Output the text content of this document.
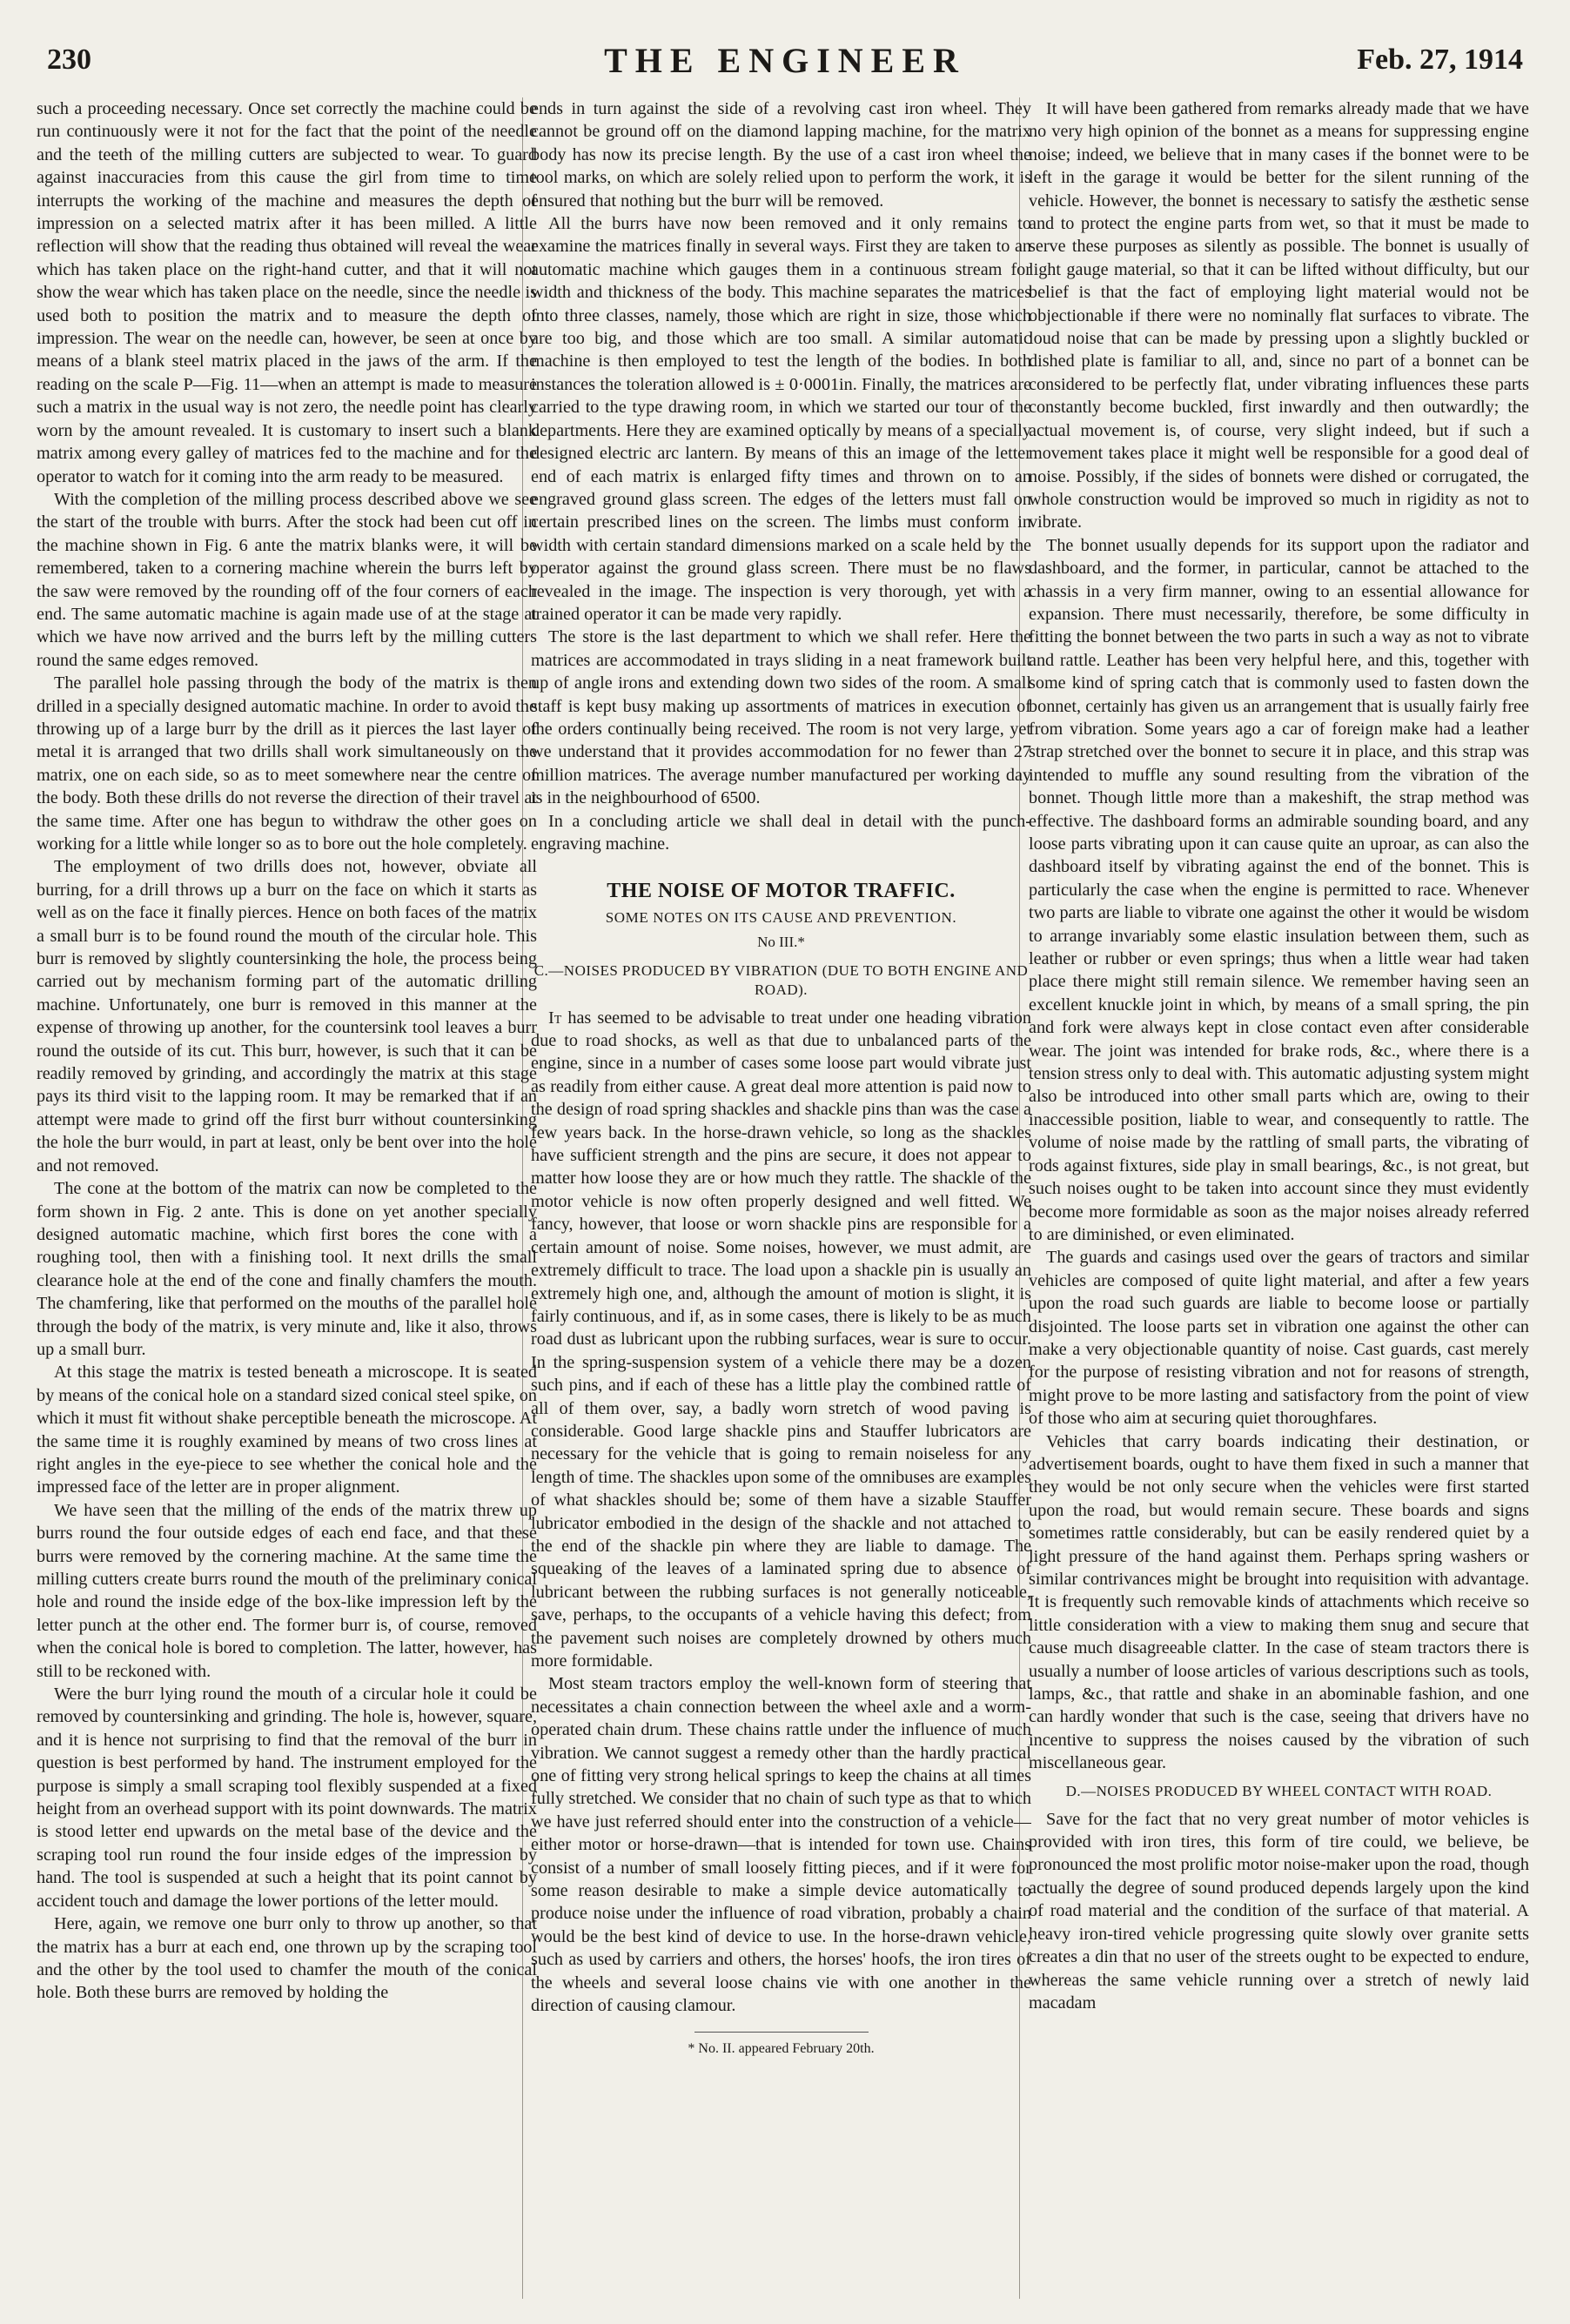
230	THE ENGINEER	Feb. 27, 1914

such a proceeding necessary. Once set correctly the machine could be run continuously were it not for the fact that the point of the needle and the teeth of the milling cutters are subjected to wear. To guard against inaccuracies from this cause the girl from time to time interrupts the working of the machine and measures the depth of impression on a selected matrix after it has been milled. A little reflection will show that the reading thus obtained will reveal the wear which has taken place on the right-hand cutter, and that it will not show the wear which has taken place on the needle, since the needle is used both to position the matrix and to measure the depth of impression. The wear on the needle can, however, be seen at once by means of a blank steel matrix placed in the jaws of the arm. If the reading on the scale P—Fig. 11—when an attempt is made to measure such a matrix in the usual way is not zero, the needle point has clearly worn by the amount revealed. It is customary to insert such a blank matrix among every galley of matrices fed to the machine and for the operator to watch for it coming into the arm ready to be measured.

With the completion of the milling process described above we see the start of the trouble with burrs. After the stock had been cut off in the machine shown in Fig. 6 ante the matrix blanks were, it will be remembered, taken to a cornering machine wherein the burrs left by the saw were removed by the rounding off of the four corners of each end. The same automatic machine is again made use of at the stage at which we have now arrived and the burrs left by the milling cutters round the same edges removed.

The parallel hole passing through the body of the matrix is then drilled in a specially designed automatic machine. In order to avoid the throwing up of a large burr by the drill as it pierces the last layer of metal it is arranged that two drills shall work simultaneously on the matrix, one on each side, so as to meet somewhere near the centre of the body. Both these drills do not reverse the direction of their travel at the same time. After one has begun to withdraw the other goes on working for a little while longer so as to bore out the hole completely.

The employment of two drills does not, however, obviate all burring, for a drill throws up a burr on the face on which it starts as well as on the face it finally pierces. Hence on both faces of the matrix a small burr is to be found round the mouth of the circular hole. This burr is removed by slightly countersinking the hole, the process being carried out by mechanism forming part of the automatic drilling machine. Unfortunately, one burr is removed in this manner at the expense of throwing up another, for the countersink tool leaves a burr round the outside of its cut. This burr, however, is such that it can be readily removed by grinding, and accordingly the matrix at this stage pays its third visit to the lapping room. It may be remarked that if an attempt were made to grind off the first burr without countersinking the hole the burr would, in part at least, only be bent over into the hole and not removed.

The cone at the bottom of the matrix can now be completed to the form shown in Fig. 2 ante. This is done on yet another specially designed automatic machine, which first bores the cone with a roughing tool, then with a finishing tool. It next drills the small clearance hole at the end of the cone and finally chamfers the mouth. The chamfering, like that performed on the mouths of the parallel hole through the body of the matrix, is very minute and, like it also, throws up a small burr.

At this stage the matrix is tested beneath a microscope. It is seated by means of the conical hole on a standard sized conical steel spike, on which it must fit without shake perceptible beneath the microscope. At the same time it is roughly examined by means of two cross lines at right angles in the eye-piece to see whether the conical hole and the impressed face of the letter are in proper alignment.

We have seen that the milling of the ends of the matrix threw up burrs round the four outside edges of each end face, and that these burrs were removed by the cornering machine. At the same time the milling cutters create burrs round the mouth of the preliminary conical hole and round the inside edge of the box-like impression left by the letter punch at the other end. The former burr is, of course, removed when the conical hole is bored to completion. The latter, however, has still to be reckoned with.

Were the burr lying round the mouth of a circular hole it could be removed by countersinking and grinding. The hole is, however, square, and it is hence not surprising to find that the removal of the burr in question is best performed by hand. The instrument employed for the purpose is simply a small scraping tool flexibly suspended at a fixed height from an overhead support with its point downwards. The matrix is stood letter end upwards on the metal base of the device and the scraping tool run round the four inside edges of the impression by hand. The tool is suspended at such a height that its point cannot by accident touch and damage the lower portions of the letter mould.

Here, again, we remove one burr only to throw up another, so that the matrix has a burr at each end, one thrown up by the scraping tool and the other by the tool used to chamfer the mouth of the conical hole. Both these burrs are removed by holding the

ends in turn against the side of a revolving cast iron wheel. They cannot be ground off on the diamond lapping machine, for the matrix body has now its precise length. By the use of a cast iron wheel the tool marks, on which are solely relied upon to perform the work, it is ensured that nothing but the burr will be removed.

All the burrs have now been removed and it only remains to examine the matrices finally in several ways. First they are taken to an automatic machine which gauges them in a continuous stream for width and thickness of the body. This machine separates the matrices into three classes, namely, those which are right in size, those which are too big, and those which are too small. A similar automatic machine is then employed to test the length of the bodies. In both instances the toleration allowed is ± 0·0001in. Finally, the matrices are carried to the type drawing room, in which we started our tour of the departments. Here they are examined optically by means of a specially designed electric arc lantern. By means of this an image of the letter end of each matrix is enlarged fifty times and thrown on to an engraved ground glass screen. The edges of the letters must fall on certain prescribed lines on the screen. The limbs must conform in width with certain standard dimensions marked on a scale held by the operator against the ground glass screen. There must be no flaws revealed in the image. The inspection is very thorough, yet with a trained operator it can be made very rapidly.

The store is the last department to which we shall refer. Here the matrices are accommodated in trays sliding in a neat framework built up of angle irons and extending down two sides of the room. A small staff is kept busy making up assortments of matrices in execution of the orders continually being received. The room is not very large, yet we understand that it provides accommodation for no fewer than 27 million matrices. The average number manufactured per working day is in the neighbourhood of 6500.

In a concluding article we shall deal in detail with the punch-engraving machine.

THE NOISE OF MOTOR TRAFFIC.
SOME NOTES ON ITS CAUSE AND PREVENTION.
No III.*
C.—NOISES PRODUCED BY VIBRATION (DUE TO BOTH ENGINE AND ROAD).

It has seemed to be advisable to treat under one heading vibration due to road shocks, as well as that due to unbalanced parts of the engine, since in a number of cases some loose part would vibrate just as readily from either cause. A great deal more attention is paid now to the design of road spring shackles and shackle pins than was the case a few years back. In the horse-drawn vehicle, so long as the shackles have sufficient strength and the pins are secure, it does not appear to matter how loose they are or how much they rattle. The shackle of the motor vehicle is now often properly designed and well fitted. We fancy, however, that loose or worn shackle pins are responsible for a certain amount of noise. Some noises, however, we must admit, are extremely difficult to trace. The load upon a shackle pin is usually an extremely high one, and, although the amount of motion is slight, it is fairly continuous, and if, as in some cases, there is likely to be as much road dust as lubricant upon the rubbing surfaces, wear is sure to occur. In the spring-suspension system of a vehicle there may be a dozen such pins, and if each of these has a little play the combined rattle of all of them over, say, a badly worn stretch of wood paving is considerable. Good large shackle pins and Stauffer lubricators are necessary for the vehicle that is going to remain noiseless for any length of time. The shackles upon some of the omnibuses are examples of what shackles should be; some of them have a sizable Stauffer lubricator embodied in the design of the shackle and not attached to the end of the shackle pin where they are liable to damage. The squeaking of the leaves of a laminated spring due to absence of lubricant between the rubbing surfaces is not generally noticeable, save, perhaps, to the occupants of a vehicle having this defect; from the pavement such noises are completely drowned by others much more formidable.

Most steam tractors employ the well-known form of steering that necessitates a chain connection between the wheel axle and a worm-operated chain drum. These chains rattle under the influence of much vibration. We cannot suggest a remedy other than the hardly practical one of fitting very strong helical springs to keep the chains at all times fully stretched. We consider that no chain of such type as that to which we have just referred should enter into the construction of a vehicle—either motor or horse-drawn—that is intended for town use. Chains consist of a number of small loosely fitting pieces, and if it were for some reason desirable to make a simple device automatically to produce noise under the influence of road vibration, probably a chain would be the best kind of device to use. In the horse-drawn vehicle, such as used by carriers and others, the horses' hoofs, the iron tires of the wheels and several loose chains vie with one another in the direction of causing clamour.

* No. II. appeared February 20th.

It will have been gathered from remarks already made that we have no very high opinion of the bonnet as a means for suppressing engine noise; indeed, we believe that in many cases if the bonnet were to be left in the garage it would be better for the silent running of the vehicle. However, the bonnet is necessary to satisfy the æsthetic sense and to protect the engine parts from wet, so that it must be made to serve these purposes as silently as possible. The bonnet is usually of light gauge material, so that it can be lifted without difficulty, but our belief is that the fact of employing light material would not be objectionable if there were no nominally flat surfaces to vibrate. The loud noise that can be made by pressing upon a slightly buckled or dished plate is familiar to all, and, since no part of a bonnet can be considered to be perfectly flat, under vibrating influences these parts constantly become buckled, first inwardly and then outwardly; the actual movement is, of course, very slight indeed, but if such a movement takes place it might well be responsible for a good deal of noise. Possibly, if the sides of bonnets were dished or corrugated, the whole construction would be improved so much in rigidity as not to vibrate.

The bonnet usually depends for its support upon the radiator and dashboard, and the former, in particular, cannot be attached to the chassis in a very firm manner, owing to an essential allowance for expansion. There must necessarily, therefore, be some difficulty in fitting the bonnet between the two parts in such a way as not to vibrate and rattle. Leather has been very helpful here, and this, together with some kind of spring catch that is commonly used to fasten down the bonnet, certainly has given us an arrangement that is usually fairly free from vibration. Some years ago a car of foreign make had a leather strap stretched over the bonnet to secure it in place, and this strap was intended to muffle any sound resulting from the vibration of the bonnet. Though little more than a makeshift, the strap method was effective. The dashboard forms an admirable sounding board, and any loose parts vibrating upon it can cause quite an uproar, as can also the dashboard itself by vibrating against the end of the bonnet. This is particularly the case when the engine is permitted to race. Whenever two parts are liable to vibrate one against the other it would be wisdom to arrange invariably some elastic insulation between them, such as leather or rubber or even springs; thus when a little wear had taken place there might still remain silence. We remember having seen an excellent knuckle joint in which, by means of a small spring, the pin and fork were always kept in close contact even after considerable wear. The joint was intended for brake rods, &c., where there is a tension stress only to deal with. This automatic adjusting system might also be introduced into other small parts which are, owing to their inaccessible position, liable to wear, and consequently to rattle. The volume of noise made by the rattling of small parts, the vibrating of rods against fixtures, side play in small bearings, &c., is not great, but such noises ought to be taken into account since they must evidently become more formidable as soon as the major noises already referred to are diminished, or even eliminated.

The guards and casings used over the gears of tractors and similar vehicles are composed of quite light material, and after a few years upon the road such guards are liable to become loose or partially disjointed. The loose parts set in vibration one against the other can make a very objectionable quantity of noise. Cast guards, cast merely for the purpose of resisting vibration and not for reasons of strength, might prove to be more lasting and satisfactory from the point of view of those who aim at securing quiet thoroughfares.

Vehicles that carry boards indicating their destination, or advertisement boards, ought to have them fixed in such a manner that they would be not only secure when the vehicles were first started upon the road, but would remain secure. These boards and signs sometimes rattle considerably, but can be easily rendered quiet by a light pressure of the hand against them. Perhaps spring washers or similar contrivances might be brought into requisition with advantage. It is frequently such removable kinds of attachments which receive so little consideration with a view to making them snug and secure that cause much disagreeable clatter. In the case of steam tractors there is usually a number of loose articles of various descriptions such as tools, lamps, &c., that rattle and shake in an abominable fashion, and one can hardly wonder that such is the case, seeing that drivers have no incentive to suppress the noises caused by the vibration of such miscellaneous gear.

D.—NOISES PRODUCED BY WHEEL CONTACT WITH ROAD.

Save for the fact that no very great number of motor vehicles is provided with iron tires, this form of tire could, we believe, be pronounced the most prolific motor noise-maker upon the road, though actually the degree of sound produced depends largely upon the kind of road material and the condition of the surface of that material. A heavy iron-tired vehicle progressing quite slowly over granite setts creates a din that no user of the streets ought to be expected to endure, whereas the same vehicle running over a stretch of newly laid macadam
